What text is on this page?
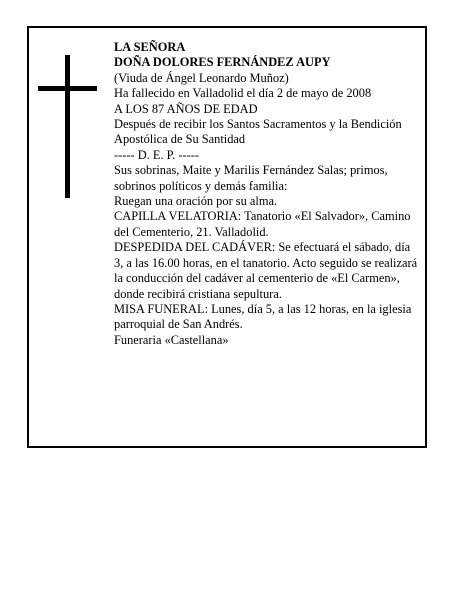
LA SEÑORA
DOÑA DOLORES FERNÁNDEZ AUPY
(Viuda de Ángel Leonardo Muñoz)
Ha fallecido en Valladolid el día 2 de mayo de 2008
A LOS 87 AÑOS DE EDAD
Después de recibir los Santos Sacramentos y la Bendición Apostólica de Su Santidad
----- D. E. P. -----
Sus sobrinas, Maite y Marilis Fernández Salas; primos, sobrinos políticos y demás familia:
Ruegan una oración por su alma.
CAPILLA VELATORIA: Tanatorio «El Salvador», Camino del Cementerio, 21. Valladolid.
DESPEDIDA DEL CADÁVER: Se efectuará el sábado, día 3, a las 16.00 horas, en el tanatorio. Acto seguido se realizará la conducción del cadáver al cementerio de «El Carmen», donde recibirá cristiana sepultura.
MISA FUNERAL: Lunes, día 5, a las 12 horas, en la iglesia parroquial de San Andrés.
Funeraria «Castellana»
